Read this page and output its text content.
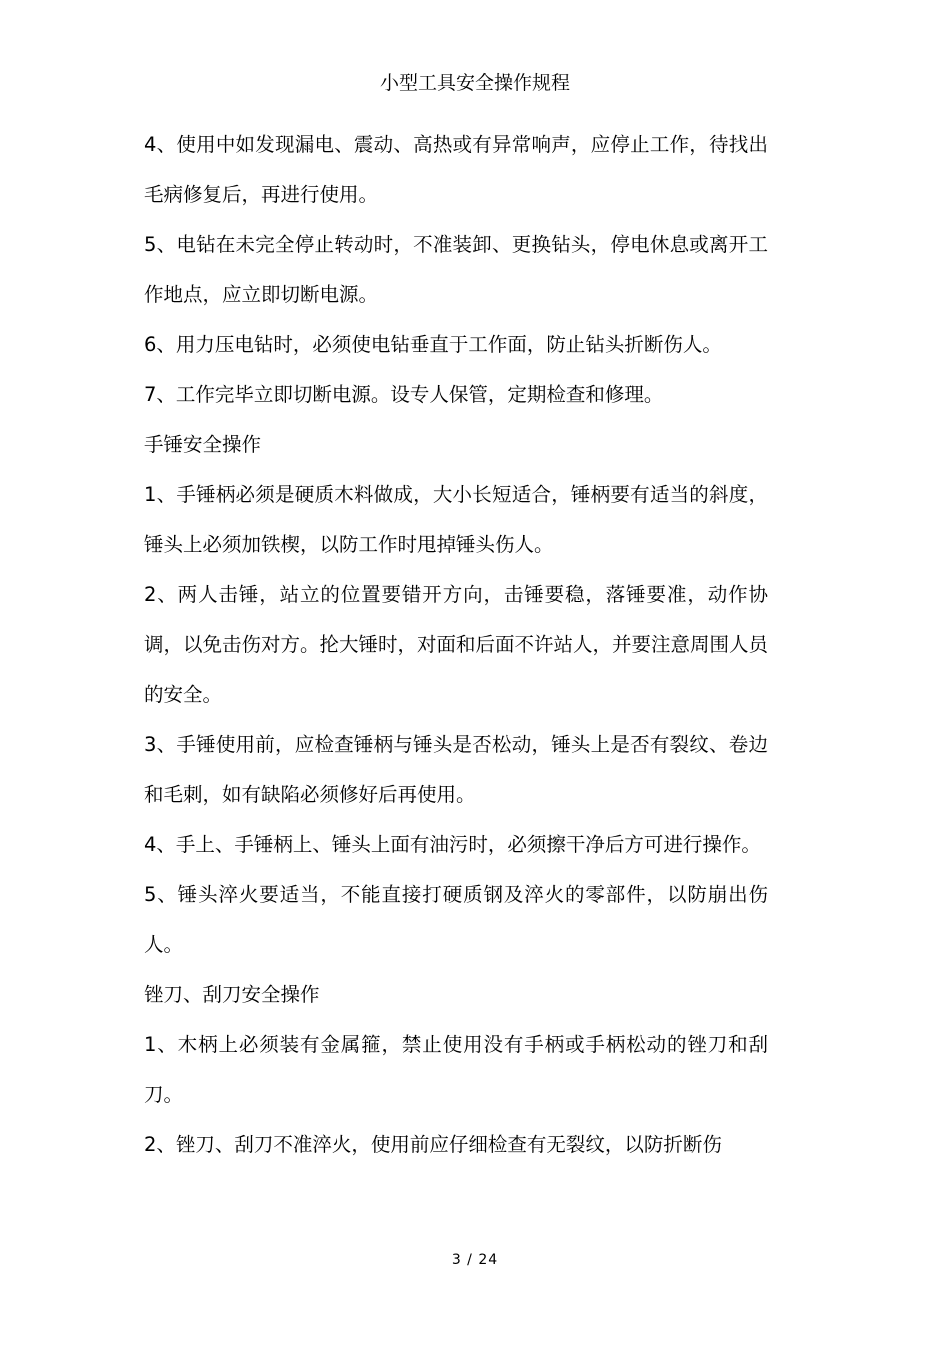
小型工具安全操作规程

4、使用中如发现漏电、震动、高热或有异常响声，应停止工作，待找出毛病修复后，再进行使用。

5、电钻在未完全停止转动时，不准装卸、更换钻头，停电休息或离开工作地点，应立即切断电源。

6、用力压电钻时，必须使电钻垂直于工作面，防止钻头折断伤人。

7、工作完毕立即切断电源。设专人保管，定期检查和修理。

手锤安全操作

1、手锤柄必须是硬质木料做成，大小长短适合，锤柄要有适当的斜度，锤头上必须加铁楔，以防工作时甩掉锤头伤人。

2、两人击锤，站立的位置要错开方向，击锤要稳，落锤要准，动作协调，以免击伤对方。抡大锤时，对面和后面不许站人，并要注意周围人员的安全。

3、手锤使用前，应检查锤柄与锤头是否松动，锤头上是否有裂纹、卷边和毛刺，如有缺陷必须修好后再使用。

4、手上、手锤柄上、锤头上面有油污时，必须擦干净后方可进行操作。

5、锤头淬火要适当，不能直接打硬质钢及淬火的零部件，以防崩出伤人。

锉刀、刮刀安全操作

1、木柄上必须装有金属箍，禁止使用没有手柄或手柄松动的锉刀和刮刀。

2、锉刀、刮刀不准淬火，使用前应仔细检查有无裂纹，以防折断伤

3 / 24
